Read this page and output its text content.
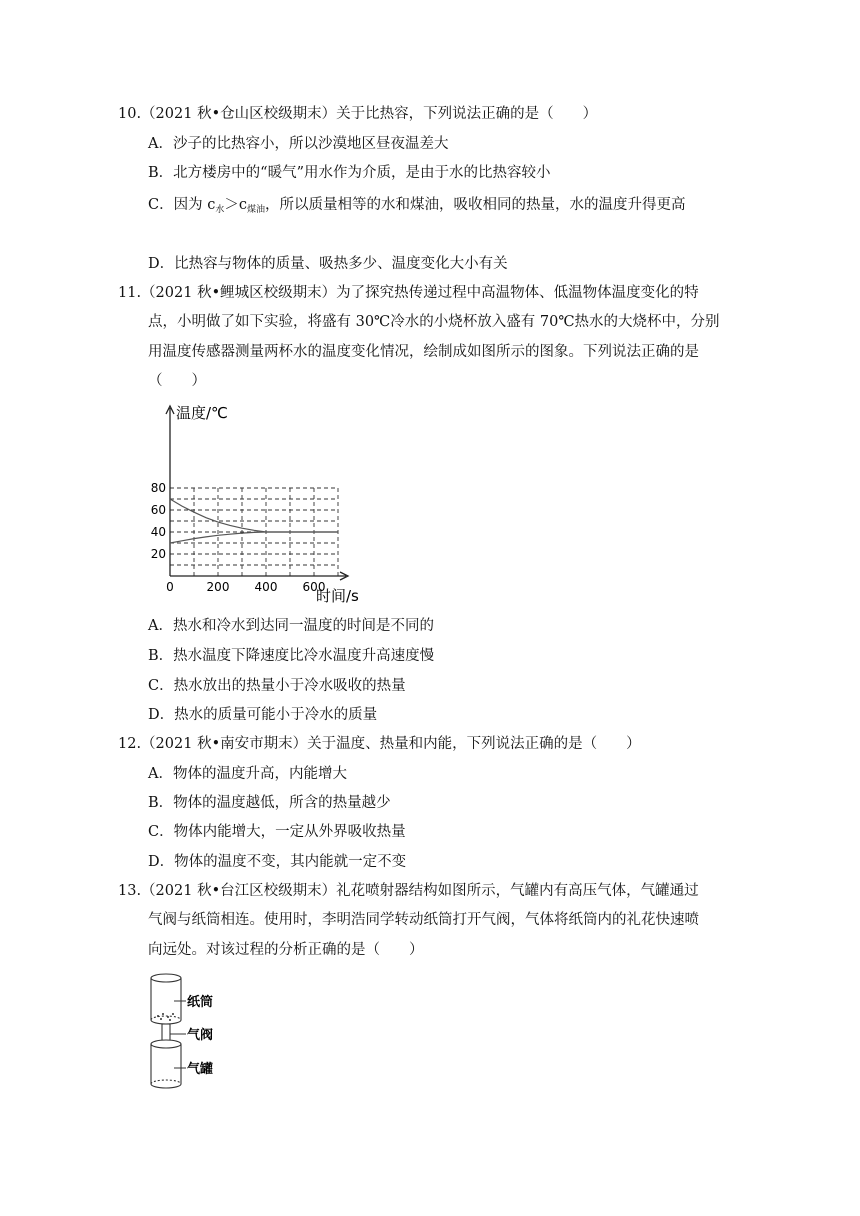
10.（2021 秋•仓山区校级期末）关于比热容，下列说法正确的是（　　）
A．沙子的比热容小，所以沙漠地区昼夜温差大
B．北方楼房中的“暖气”用水作为介质，是由于水的比热容较小
C．因为 $c_水>c_{煤油}$，所以质量相等的水和煤油，吸收相同的热量，水的温度升得更高
D．比热容与物体的质量、吸热多少、温度变化大小有关
11.（2021 秋•鲤城区校级期末）为了探究热传递过程中高温物体、低温物体温度变化的特
点，小明做了如下实验，将盛有 30℃冷水的小烧杯放入盛有 70℃热水的大烧杯中，分别
用温度传感器测量两杯水的温度变化情况，绘制成如图所示的图象。下列说法正确的是
（　　）
20
40
60
80
0	200 400 600
温度/℃
时间/s
A．热水和冷水到达同一温度的时间是不同的
B．热水温度下降速度比冷水温度升高速度慢
C．热水放出的热量小于冷水吸收的热量
D．热水的质量可能小于冷水的质量
12.（2021 秋•南安市期末）关于温度、热量和内能，下列说法正确的是（　　）
A．物体的温度升高，内能增大
B．物体的温度越低，所含的热量越少
C．物体内能增大，一定从外界吸收热量
D．物体的温度不变，其内能就一定不变
13.（2021 秋•台江区校级期末）礼花喷射器结构如图所示，气罐内有高压气体，气罐通过
气阀与纸筒相连。使用时，李明浩同学转动纸筒打开气阀，气体将纸筒内的礼花快速喷
向远处。对该过程的分析正确的是（　　）
纸筒
气阀
气罐
